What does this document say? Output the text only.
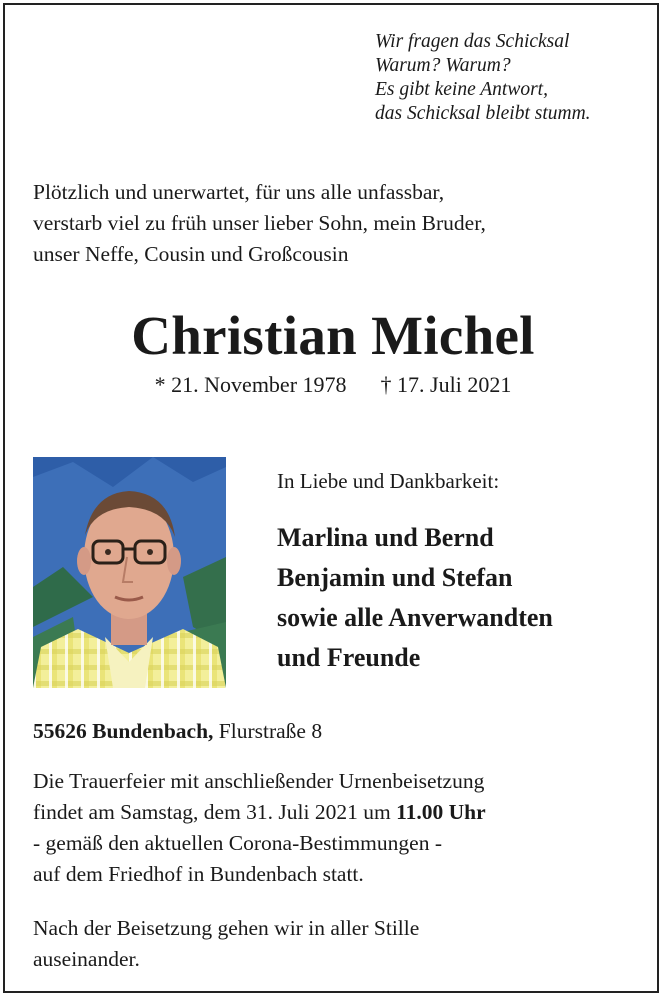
Wir fragen das Schicksal
Warum? Warum?
Es gibt keine Antwort,
das Schicksal bleibt stumm.
Plötzlich und unerwartet, für uns alle unfassbar,
verstarb viel zu früh unser lieber Sohn, mein Bruder,
unser Neffe, Cousin und Großcousin
Christian Michel
* 21. November 1978 † 17. Juli 2021
In Liebe und Dankbarkeit:
Marlina und Bernd
Benjamin und Stefan
sowie alle Anverwandten
und Freunde
55626 Bundenbach, Flurstraße 8
Die Trauerfeier mit anschließender Urnenbeisetzung
findet am Samstag, dem 31. Juli 2021 um 11.00 Uhr
- gemäß den aktuellen Corona-Bestimmungen -
auf dem Friedhof in Bundenbach statt.
Nach der Beisetzung gehen wir in aller Stille
auseinander.
